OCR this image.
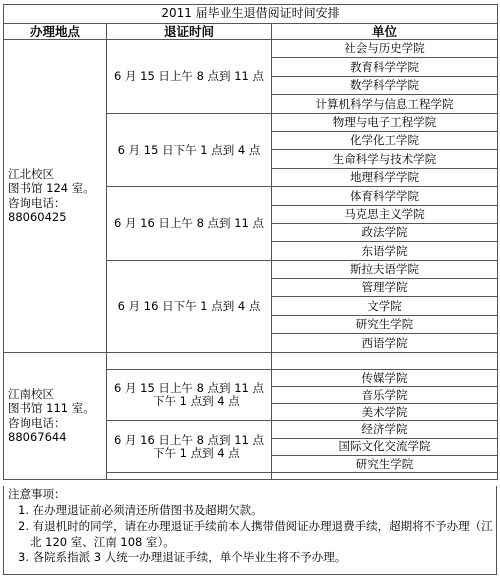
2011 届毕业生退借阅证时间安排		
办理地点	退证时间	单位

江北校区
图书馆 124 室。
咨询电话：
88060425	6 月 15 日上午 8 点到 11 点	社会与历史学院
		教育科学学院
		数学科学学院
		计算机科学与信息工程学院
	6 月 15 日下午 1 点到 4 点	物理与电子工程学院
		化学化工学院
		生命科学与技术学院
		地理科学学院
	6 月 16 日上午 8 点到 11 点	体育科学学院
		马克思主义学院
		政法学院
		东语学院
	6 月 16 日下午 1 点到 4 点	斯拉夫语学院
		管理学院
		文学院
		研究生学院
		西语学院

江南校区
图书馆 111 室。
咨询电话：
88067644		

	6 月 15 日上午 8 点到 11 点
下午 1 点到 4 点	传媒学院
		音乐学院
		美术学院

	6 月 16 日上午 8 点到 11 点
下午 1 点到 4 点	经济学院
		国际文化交流学院
		研究生学院

注意事项：
1. 在办理退证前必须清还所借图书及超期欠款。
2. 有退机时的同学，请在办理退证手续前本人携带借阅证办理退费手续，超期将不予办理（江北 120 室、江南 108 室）。
3. 各院系指派 3 人统一办理退证手续，单个毕业生将不予办理。
